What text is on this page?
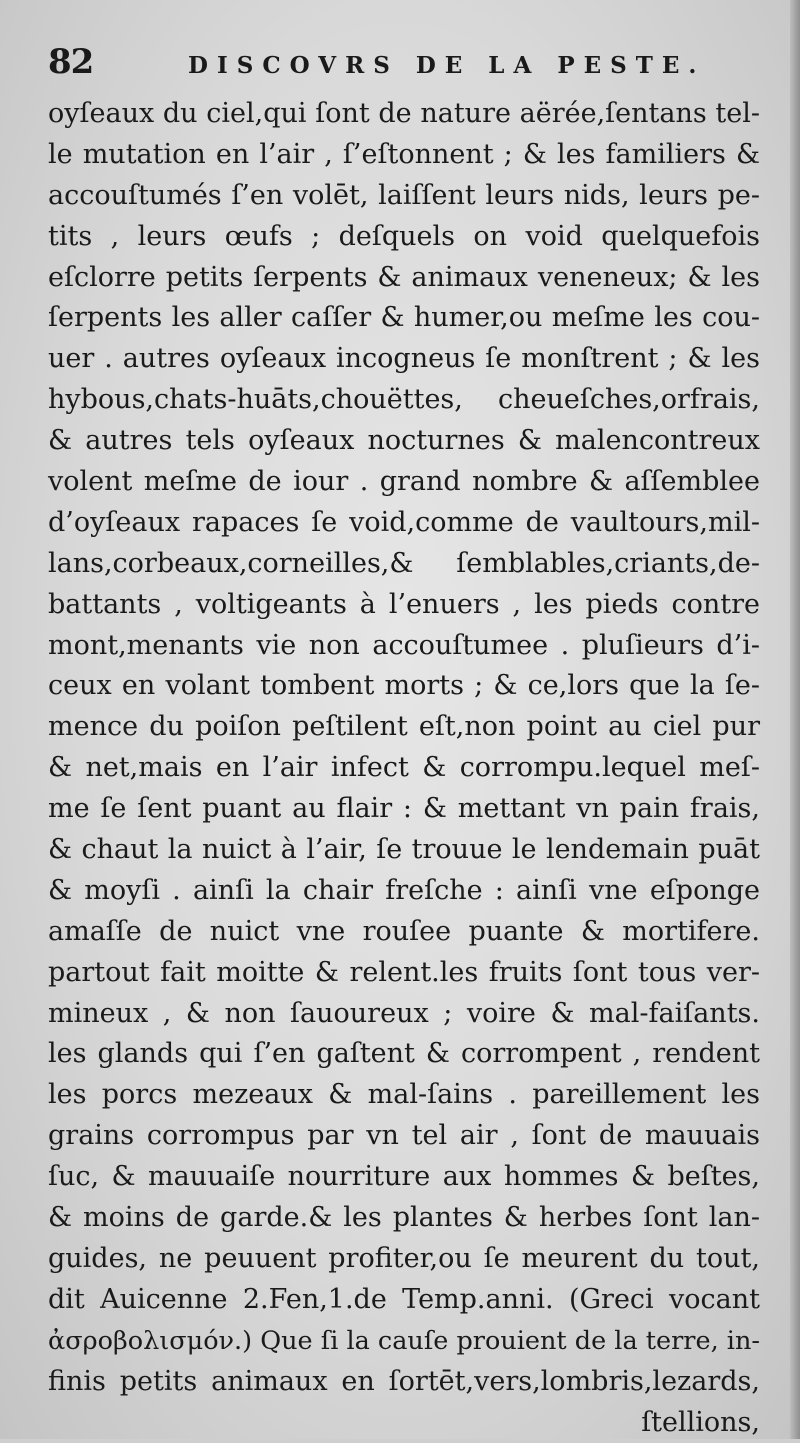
82	DISCOVRS DE LA PESTE.
oyſeaux du ciel,qui ſont de nature aërée,ſentans tel-
le mutation en l’air , ſ’eſtonnent ; & les familiers &
accouſtumés ſ’en volēt, laiſſent leurs nids, leurs pe-
tits , leurs œufs ; deſquels on void quelquefois
eſclorre petits ſerpents & animaux veneneux; & les
ſerpents les aller caſſer & humer,ou meſme les cou-
uer . autres oyſeaux incogneus ſe monſtrent ; & les
hybous,chats-huāts,chouëttes, cheueſches,orfrais,
& autres tels oyſeaux nocturnes & malencontreux
volent meſme de iour . grand nombre & aſſemblee
d’oyſeaux rapaces ſe void,comme de vaultours,mil-
lans,corbeaux,corneilles,& ſemblables,criants,de-
battants , voltigeants à l’enuers , les pieds contre
mont,menants vie non accouſtumee . pluſieurs d’i-
ceux en volant tombent morts ; & ce,lors que la ſe-
mence du poiſon peſtilent eſt,non point au ciel pur
& net,mais en l’air infect & corrompu.lequel meſ-
me ſe ſent puant au flair : & mettant vn pain frais,
& chaut la nuict à l’air, ſe trouue le lendemain puāt
& moyſi . ainſi la chair freſche : ainſi vne eſponge
amaſſe de nuict vne rouſee puante & mortifere.
partout fait moitte & relent.les fruits ſont tous ver-
mineux , & non ſauoureux ; voire & mal-faiſants.
les glands qui ſ’en gaſtent & corrompent , rendent
les porcs mezeaux & mal-ſains . pareillement les
grains corrompus par vn tel air , ſont de mauuais
ſuc, & mauuaiſe nourriture aux hommes & beſtes,
& moins de garde.& les plantes & herbes ſont lan-
guides, ne peuuent profiter,ou ſe meurent du tout,
dit Auicenne 2.Fen,1.de Temp.anni. (Greci vocant
ἀσροβολισμόν.) Que ſi la cauſe prouient de la terre, in-
finis petits animaux en ſortēt,vers,lombris,lezards,
ſtellions,
